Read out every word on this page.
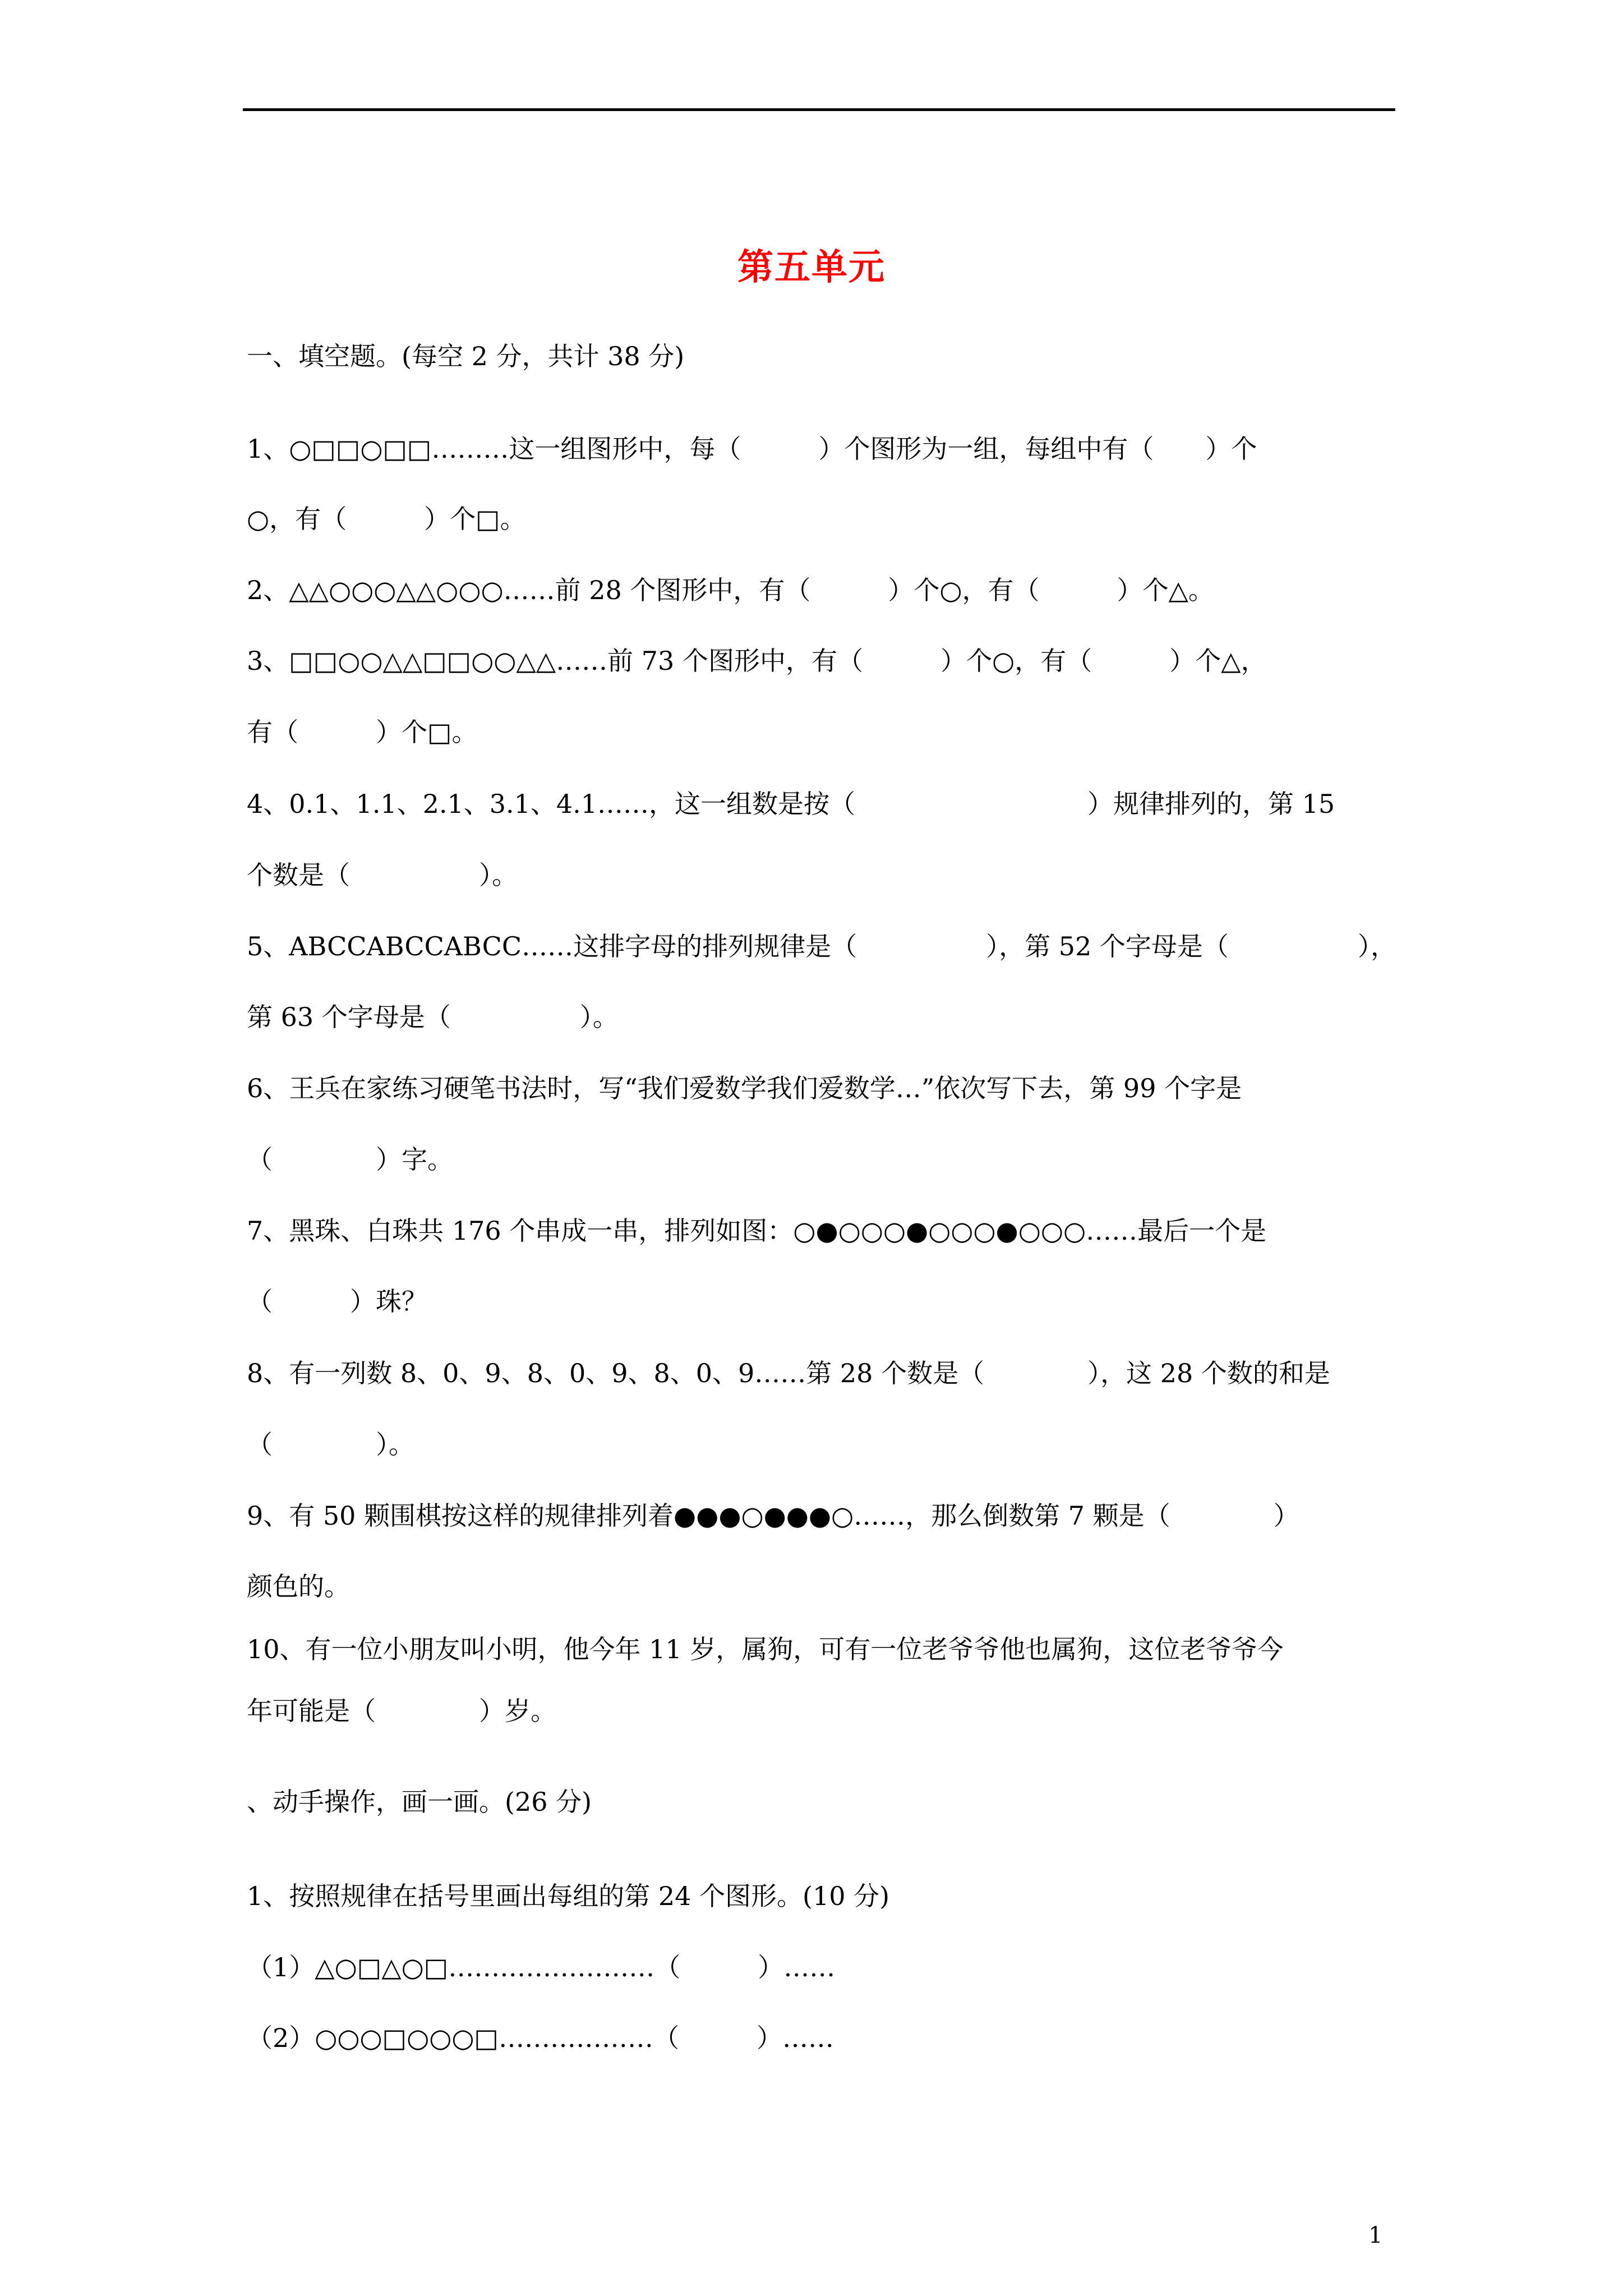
第五单元
一、填空题。(每空 2 分，共计 38 分)
1、○□□○□□………这一组图形中，每（　　　）个图形为一组，每组中有（　　）个
○，有（　　　）个□。
2、△△○○○△△○○○……前 28 个图形中，有（　　　）个○，有（　　　）个△。
3、□□○○△△□□○○△△……前 73 个图形中，有（　　　）个○，有（　　　）个△，
有（　　　）个□。
4、0.1、1.1、2.1、3.1、4.1……，这一组数是按（　　　　　　　　　）规律排列的，第 15
个数是（　　　　　）。
5、ABCCABCCABCC……这排字母的排列规律是（　　　　　），第 52 个字母是（　　　　　），
第 63 个字母是（　　　　　）。
6、王兵在家练习硬笔书法时，写“我们爱数学我们爱数学…”依次写下去，第 99 个字是
（　　　　）字。
7、黑珠、白珠共 176 个串成一串，排列如图：○●○○○●○○○●○○○……最后一个是
（　　　）珠？
8、有一列数 8、0、9、8、0、9、8、0、9……第 28 个数是（　　　　），这 28 个数的和是
（　　　　）。
9、有 50 颗围棋按这样的规律排列着●●●○●●●○……，那么倒数第 7 颗是（　　　　）
颜色的。
10、有一位小朋友叫小明，他今年 11 岁，属狗，可有一位老爷爷他也属狗，这位老爷爷今
年可能是（　　　　）岁。
、动手操作，画一画。(26 分)
1、按照规律在括号里画出每组的第 24 个图形。(10 分)
（1）△○□△○□……………………（　　　）……
（2）○○○□○○○□………………（　　　）……
1
